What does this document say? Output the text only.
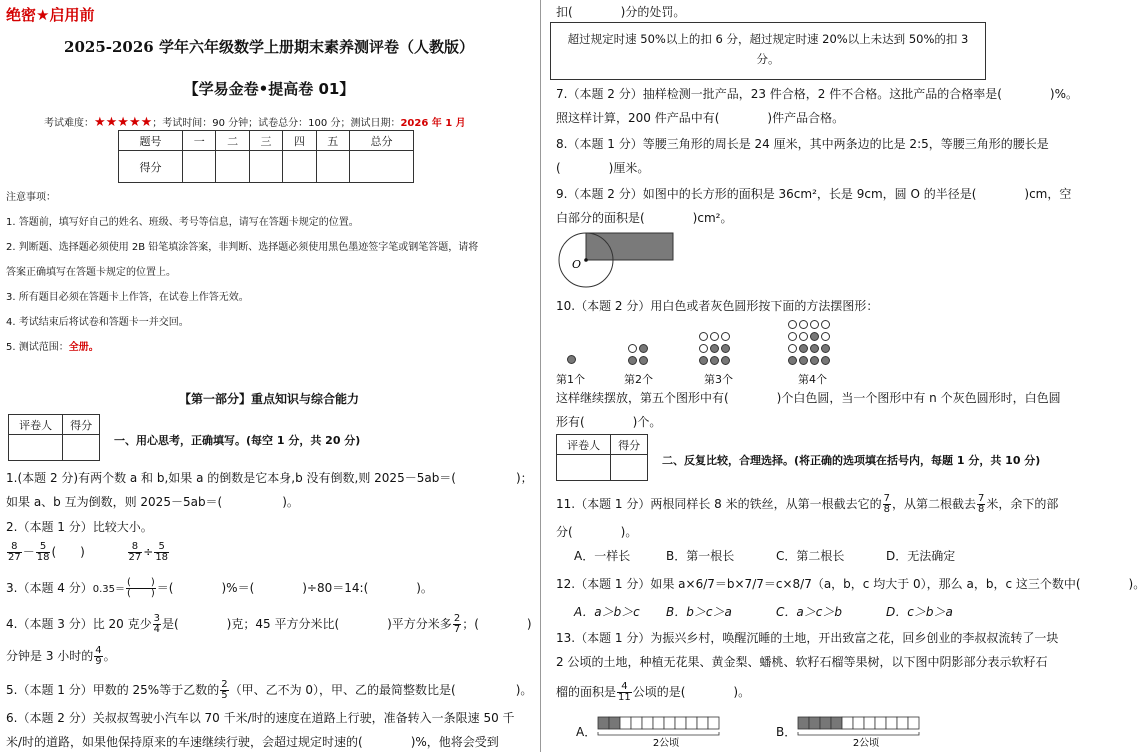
绝密★启用前
2025-2026 学年六年级数学上册期末素养测评卷（人教版）
【学易金卷•提高卷 01】
考试难度：★★★★★；考试时间：90 分钟；试卷总分：100 分；测试日期：2026 年 1 月
题号	一	二	三	四	五	总分
得分						
注意事项：
1. 答题前，填写好自己的姓名、班级、考号等信息，请写在答题卡规定的位置。
2. 判断题、选择题必须使用 2B 铅笔填涂答案，非判断、选择题必须使用黑色墨迹签字笔或钢笔答题，请将
答案正确填写在答题卡规定的位置上。
3. 所有题目必须在答题卡上作答，在试卷上作答无效。
4. 考试结束后将试卷和答题卡一并交回。
5. 测试范围：全册。
【第一部分】重点知识与综合能力
评卷人	得分

一、用心思考，正确填写。(每空 1 分，共 20 分)
1.(本题 2 分)有两个数 a 和 b,如果 a 的倒数是它本身,b 没有倒数,则 2025－5ab＝(　　　　　)；
如果 a、b 互为倒数，则 2025－5ab＝(　　　　　)。
2.（本题 1 分）比较大小。
$\frac{8}{27} - \frac{5}{18}$ (　　)	$\frac{8}{27} \div \frac{5}{18}$
3.（本题 4 分）$0.35= \frac{( )}{( )}$ ＝(　　　　)%＝(　　　　)÷80＝14:(　　　　)。
4.（本题 3 分）比 20 克少 $\frac{3}{4}$ 是(　　　　)克；45 平方分米比(　　　　)平方分米多 $\frac{2}{7}$ ；(　　　　)
分钟是 3 小时的 $\frac{4}{9}$ 。
5.（本题 1 分）甲数的 25%等于乙数的 $\frac{2}{5}$ （甲、乙不为 0），甲、乙的最简整数比是(　　　　　)。
6.（本题 2 分）关叔叔驾驶小汽车以 70 千米/时的速度在道路上行驶，准备转入一条限速 50 千
米/时的道路，如果他保持原来的车速继续行驶，会超过规定时速的(　　　　)%，他将会受到
扣(　　　　)分的处罚。
超过规定时速 50%以上的扣 6 分，超过规定时速 20%以上未达到 50%的扣 3
分。
7.（本题 2 分）抽样检测一批产品，23 件合格，2 件不合格。这批产品的合格率是(　　　　)%。
照这样计算，200 件产品中有(　　　　)件产品合格。
8.（本题 1 分）等腰三角形的周长是 24 厘米，其中两条边的比是 2:5，等腰三角形的腰长是
(　　　　)厘米。
9.（本题 2 分）如图中的长方形的面积是 36cm²，长是 9cm，圆 O 的半径是(　　　　)cm，空
白部分的面积是(　　　　)cm²。
O
10.（本题 2 分）用白色或者灰色圆形按下面的方法摆图形：
第1个	第2个	第3个	第4个
这样继续摆放，第五个图形中有(　　　　)个白色圆，当一个图形中有 n 个灰色圆形时，白色圆
形有(　　　　)个。
评卷人	得分

二、反复比较，合理选择。(将正确的选项填在括号内，每题 1 分，共 10 分)
11.（本题 1 分）两根同样长 8 米的铁丝，从第一根截去它的 $\frac{7}{8}$ ，从第二根截去 $\frac{7}{8}$ 米，余下的部
分(　　　　)。
A．一样长	B．第一根长	C．第二根长	D．无法确定
12.（本题 1 分）如果 a×6/7＝b×7/7＝c×8/7（a，b，c 均大于 0），那么 a，b，c 这三个数中(　　　　)。
A．a＞b＞c B．b＞c＞a	C．a＞c＞b	D．c＞b＞a
13.（本题 1 分）为振兴乡村，唤醒沉睡的土地，开出致富之花，回乡创业的李叔叔流转了一块
2 公顷的土地，种植无花果、黄金梨、蟠桃、软籽石榴等果树，以下图中阴影部分表示软籽石
榴的面积是 $\frac{4}{11}$ 公顷的是(　　　　)。
A．
2公顷
B．
2公顷
